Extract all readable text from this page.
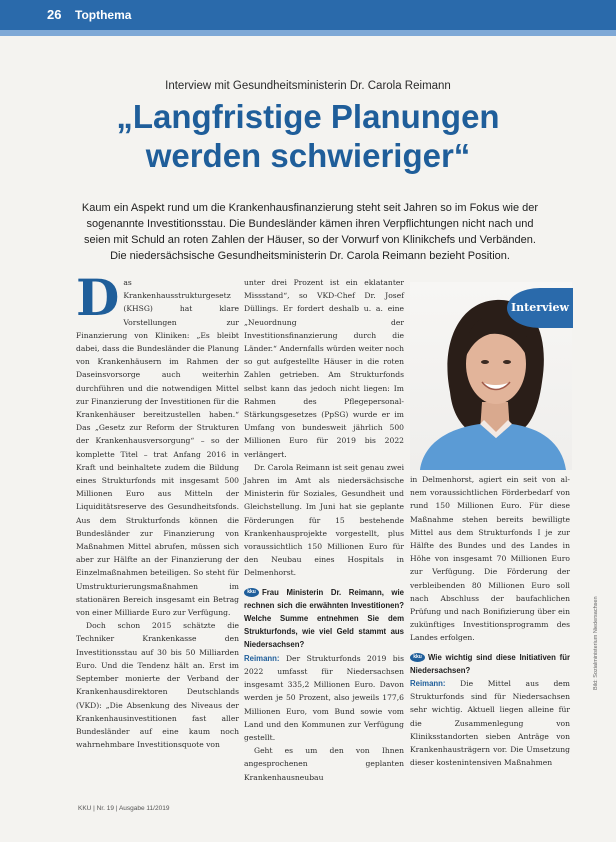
26 Topthema
Interview mit Gesundheitsministerin Dr. Carola Reimann
„Langfristige Planungen
werden schwieriger“
Kaum ein Aspekt rund um die Krankenhausfinanzierung steht seit Jahren so im Fokus wie der sogenannte Investitionsstau. Die Bundesländer kämen ihren Verpflichtungen nicht nach und seien mit Schuld an roten Zahlen der Häuser, so der Vorwurf von Klinikchefs und Verbänden. Die niedersächsische Gesundheitsministerin Dr. Carola Reimann bezieht Position.

Das Krankenhausstrukturgesetz (KHSG) hat klare Vorstellungen zur Finanzierung von Kliniken: „Es bleibt dabei, dass die Bundesländer die Planung von Krankenhäusern im Rahmen der Daseinsvorsorge auch weiterhin durchführen und die notwendigen Mittel zur Finanzierung der Investitionen für die Krankenhäuser bereitzustellen haben.“ Das „Gesetz zur Reform der Strukturen der Krankenhausversorgung“ – so der komplette Titel – trat Anfang 2016 in Kraft und beinhaltete zudem die Bildung eines Strukturfonds mit insgesamt 500 Millionen Euro aus Mitteln der Liquiditätsreserve des Gesundheitsfonds. Aus dem Strukturfonds können die Bundesländer zur Finanzierung von Maßnahmen Mittel abrufen, müssen sich aber zur Hälfte an der Finanzierung der Einzelmaßnahmen beteiligen. So steht für Umstrukturierungsmaßnahmen im stationären Bereich insgesamt ein Betrag von einer Milliarde Euro zur Verfügung.

Doch schon 2015 schätzte die Techniker Krankenkasse den Investitionsstau auf 30 bis 50 Milliarden Euro. Und die Tendenz hält an. Erst im September monierte der Verband der Krankenhausdirektoren Deutschlands (VKD): „Die Absenkung des Niveaus der Krankenhausinvestitionen fast aller Bundesländer auf eine kaum noch wahrnehmbare Investitionsquote von

unter drei Prozent ist ein eklatanter Missstand“, so VKD-Chef Dr. Josef Düllings. Er fordert deshalb u. a. eine „Neuordnung der Investitionsfinanzierung durch die Länder.“ Andernfalls würden weiter noch so gut aufgestellte Häuser in die roten Zahlen getrieben. Am Strukturfonds selbst kann das jedoch nicht liegen: Im Rahmen des Pflegepersonal-Stärkungsgesetzes (PpSG) wurde er im Umfang von bundesweit jährlich 500 Millionen Euro für 2019 bis 2022 verlängert.

Dr. Carola Reimann ist seit genau zwei Jahren im Amt als niedersächsische Ministerin für Soziales, Gesundheit und Gleichstellung. Im Juni hat sie geplante Förderungen für 15 bestehende Krankenhausprojekte vorgestellt, plus voraussichtlich 150 Millionen Euro für den Neubau eines Hospitals in Delmenhorst.

kku Frau Ministerin Dr. Reimann, wie rechnen sich die erwähnten Investitionen? Welche Summe entnehmen Sie dem Strukturfonds, wie viel Geld stammt aus Niedersachsen?

Reimann: Der Strukturfonds 2019 bis 2022 umfasst für Niedersachsen insgesamt 335,2 Millionen Euro. Davon werden je 50 Prozent, also jeweils 177,6 Millionen Euro, vom Bund sowie vom Land und den Kommunen zur Verfügung gestellt.

Geht es um den von Ihnen angesprochenen geplanten Krankenhausneubau

Interview

in Delmenhorst, agiert ein seit von al- nem voraussichtlichen Förderbedarf von rund 150 Millionen Euro. Für diese Maßnahme stehen bereits bewilligte Mittel aus dem Strukturfonds I je zur Hälfte des Bundes und des Landes in Höhe von insgesamt 70 Millionen Euro zur Verfügung. Die Förderung der verbleibenden 80 Millionen Euro soll nach Abschluss der baufachlichen Prüfung und nach Bonifizierung über ein zukünftiges Investitionsprogramm des Landes erfolgen.

kku Wie wichtig sind diese Initiativen für Niedersachsen?

Reimann: Die Mittel aus dem Strukturfonds sind für Niedersachsen sehr wichtig. Aktuell liegen alleine für die Zusammenlegung von Kliniksstandorten sieben Anträge von Krankenhausträgern vor. Die Umsetzung dieser kostenintensiven Maßnahmen

Bild: Sozialministerium Niedersachsen
KKU | Nr. 19 | Ausgabe 11/2019
